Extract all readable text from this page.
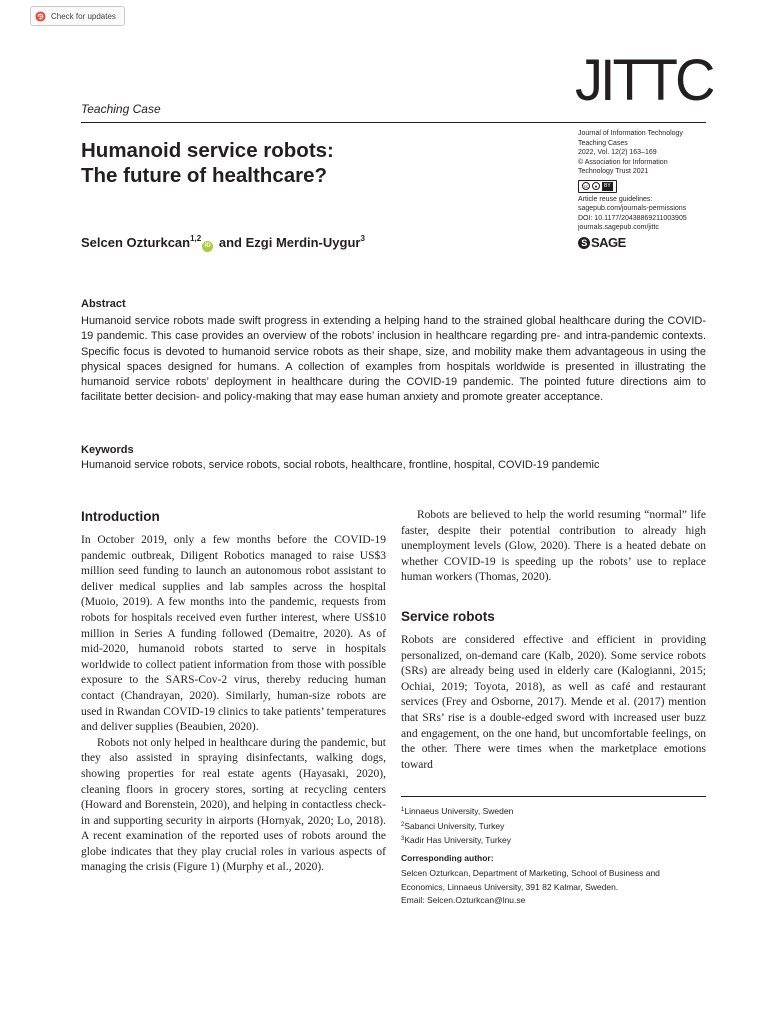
Check for updates
JITTC
Teaching Case
Humanoid service robots:
The future of healthcare?
Selcen Ozturkcan$^{1,2}$iD and Ezgi Merdin-Uygur$^3$
Journal of Information Technology
Teaching Cases
2022, Vol. 12(2) 163–169
© Association for Information
Technology Trust 2021
cc	●	BY
Article reuse guidelines:
sagepub.com/journals-permissions
DOI: 10.1177/20438869211003905
journals.sagepub.com/jittc
S SAGE
Abstract

Humanoid service robots made swift progress in extending a helping hand to the strained global healthcare during the COVID-19 pandemic. This case provides an overview of the robots’ inclusion in healthcare regarding pre- and intra-pandemic contexts. Specific focus is devoted to humanoid service robots as their shape, size, and mobility make them advantageous in using the physical spaces designed for humans. A collection of examples from hospitals worldwide is presented in illustrating the humanoid service robots’ deployment in healthcare during the COVID-19 pandemic. The pointed future directions aim to facilitate better decision- and policy-making that may ease human anxiety and promote greater acceptance.

Keywords
Humanoid service robots, service robots, social robots, healthcare, frontline, hospital, COVID-19 pandemic
Introduction

In October 2019, only a few months before the COVID-19 pandemic outbreak, Diligent Robotics managed to raise US$3 million seed funding to launch an autonomous robot assistant to deliver medical supplies and lab samples across the hospital (Muoio, 2019). A few months into the pandemic, requests from robots for hospitals received even further interest, where US$10 million in Series A funding followed (Demaitre, 2020). As of mid-2020, humanoid robots started to serve in hospitals worldwide to collect patient information from those with possible exposure to the SARS-Cov-2 virus, thereby reducing human contact (Chandrayan, 2020). Similarly, human-size robots are used in Rwandan COVID-19 clinics to take patients’ temperatures and deliver supplies (Beaubien, 2020).

Robots not only helped in healthcare during the pandemic, but they also assisted in spraying disinfectants, walking dogs, showing properties for real estate agents (Hayasaki, 2020), cleaning floors in grocery stores, sorting at recycling centers (Howard and Borenstein, 2020), and helping in contactless check-in and supporting security in airports (Hornyak, 2020; Lo, 2018). A recent examination of the reported uses of robots around the globe indicates that they play crucial roles in various aspects of managing the crisis (Figure 1) (Murphy et al., 2020).

Robots are believed to help the world resuming “normal” life faster, despite their potential contribution to already high unemployment levels (Glow, 2020). There is a heated debate on whether COVID-19 is speeding up the robots’ use to replace human workers (Thomas, 2020).

Service robots

Robots are considered effective and efficient in providing personalized, on-demand care (Kalb, 2020). Some service robots (SRs) are already being used in elderly care (Kalogianni, 2015; Ochiai, 2019; Toyota, 2018), as well as café and restaurant services (Frey and Osborne, 2017). Mende et al. (2017) mention that SRs’ rise is a double-edged sword with increased user buzz and engagement, on the one hand, but uncomfortable feelings, on the other. There were times when the marketplace emotions toward

$^1$Linnaeus University, Sweden
$^2$Sabanci University, Turkey
$^3$Kadir Has University, Turkey
Corresponding author:
Selcen Ozturkcan, Department of Marketing, School of Business and
Economics, Linnaeus University, 391 82 Kalmar, Sweden.
Email: Selcen.Ozturkcan@lnu.se
